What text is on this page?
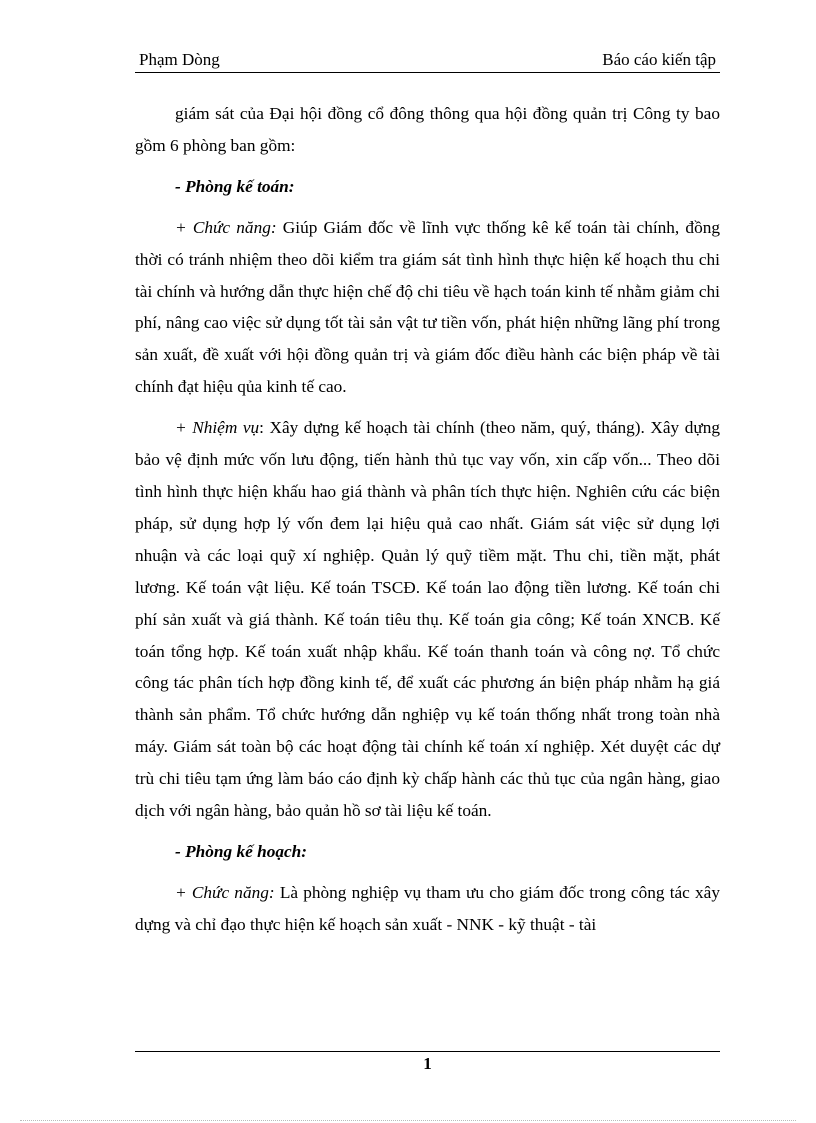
Phạm Dòng	Báo cáo kiến tập

giám sát của Đại hội đồng cổ đông thông qua hội đồng quản trị Công ty bao gồm 6 phòng ban gồm:

- Phòng kế toán:

+ Chức năng: Giúp Giám đốc về lĩnh vực thống kê kế toán tài chính, đồng thời có tránh nhiệm theo dõi kiểm tra giám sát tình hình thực hiện kế hoạch thu chi tài chính và hướng dẫn thực hiện chế độ chi tiêu về hạch toán kinh tế nhằm giảm chi phí, nâng cao việc sử dụng tốt tài sản vật tư tiền vốn, phát hiện những lãng phí trong sản xuất, đề xuất với hội đồng quản trị và giám đốc điều hành các biện pháp về tài chính đạt hiệu qủa kinh tế cao.

+ Nhiệm vụ: Xây dựng kế hoạch tài chính (theo năm, quý, tháng). Xây dựng bảo vệ định mức vốn lưu động, tiến hành thủ tục vay vốn, xin cấp vốn... Theo dõi tình hình thực hiện khấu hao giá thành và phân tích thực hiện. Nghiên cứu các biện pháp, sử dụng hợp lý vốn đem lại hiệu quả cao nhất. Giám sát việc sử dụng lợi nhuận và các loại quỹ xí nghiệp. Quản lý quỹ tiềm mặt. Thu chi, tiền mặt, phát lương. Kế toán vật liệu. Kế toán TSCĐ. Kế toán lao động tiền lương. Kế toán chi phí sản xuất và giá thành. Kế toán tiêu thụ. Kế toán gia công; Kế toán XNCB. Kế toán tổng hợp. Kế toán xuất nhập khẩu. Kế toán thanh toán và công nợ. Tổ chức công tác phân tích hợp đồng kinh tế, để xuất các phương án biện pháp nhằm hạ giá thành sản phẩm. Tổ chức hướng dẫn nghiệp vụ kế toán thống nhất trong toàn nhà máy. Giám sát toàn bộ các hoạt động tài chính kế toán xí nghiệp. Xét duyệt các dự trù chi tiêu tạm ứng làm báo cáo định kỳ chấp hành các thủ tục của ngân hàng, giao dịch với ngân hàng, bảo quản hồ sơ tài liệu kế toán.

- Phòng kế hoạch:

+ Chức năng: Là phòng nghiệp vụ tham ưu cho giám đốc trong công tác xây dựng và chỉ đạo thực hiện kế hoạch sản xuất - NNK - kỹ thuật - tài

1
